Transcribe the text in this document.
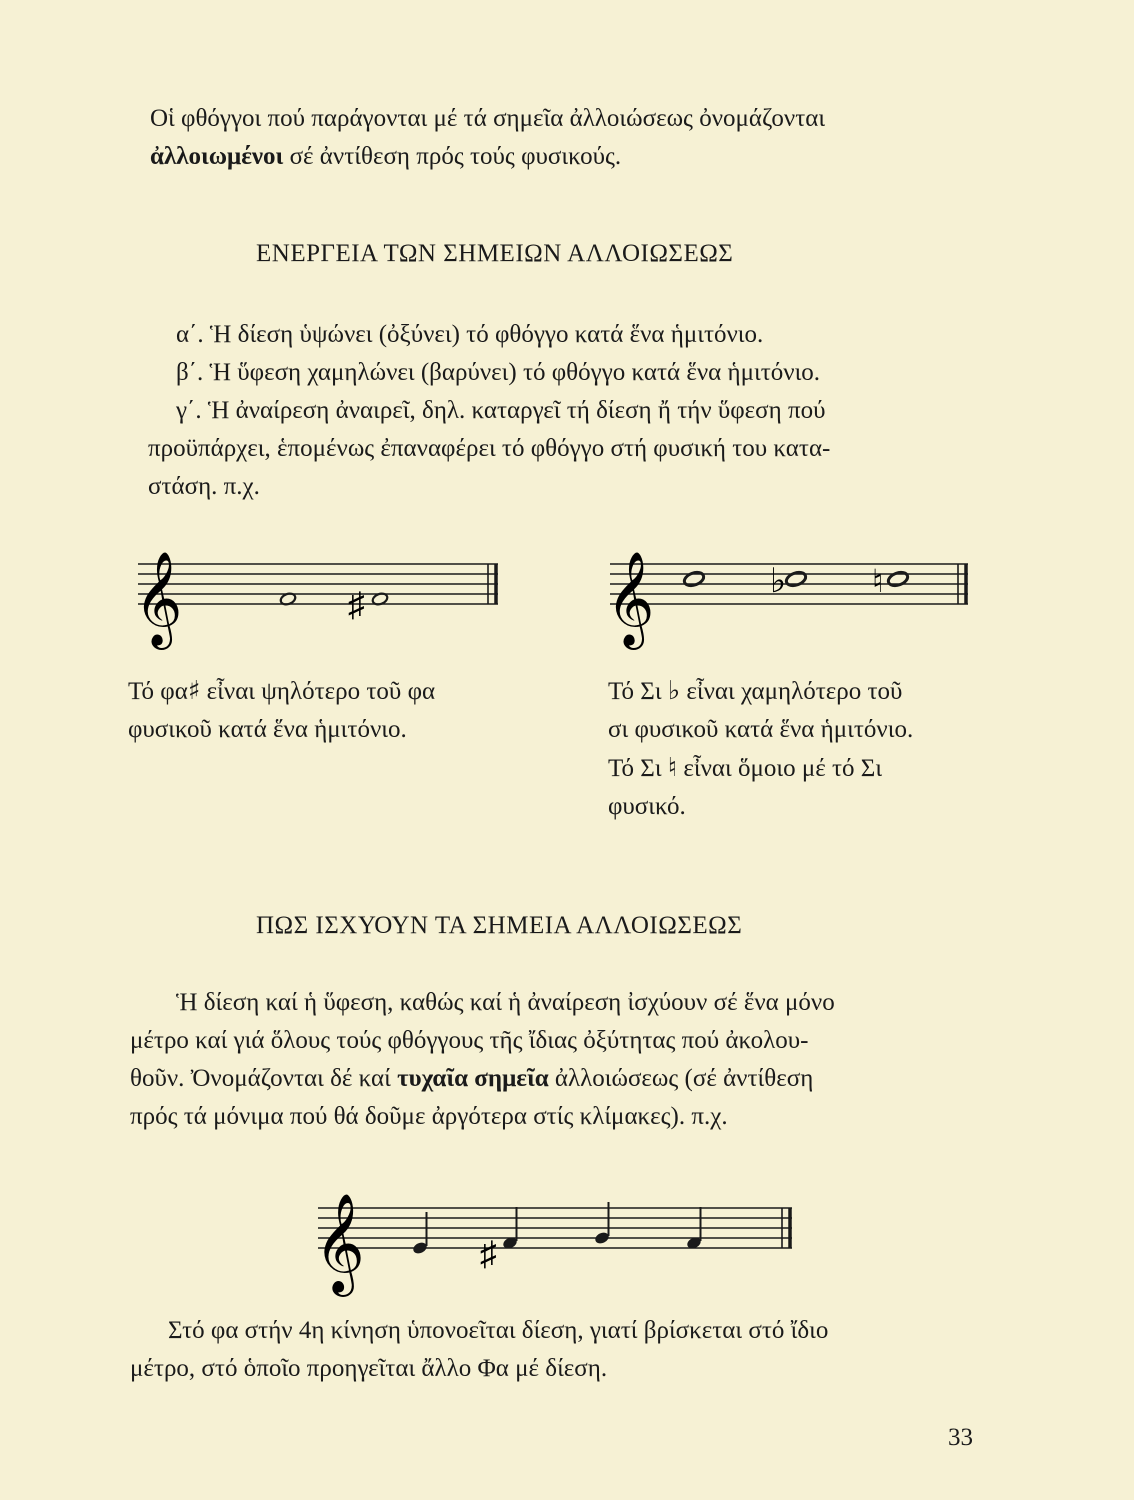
Οἱ φθόγγοι πού παράγονται μέ τά σημεῖα ἀλλοιώσεως ὀνομάζονται
ἀλλοιωμένοι σέ ἀντίθεση πρός τούς φυσικούς.

ΕΝΕΡΓΕΙΑ ΤΩΝ ΣΗΜΕΙΩΝ ΑΛΛΟΙΩΣΕΩΣ

α΄. Ἡ δίεση ὑψώνει (ὀξύνει) τό φθόγγο κατά ἕνα ἡμιτόνιο.
β΄. Ἡ ὕφεση χαμηλώνει (βαρύνει) τό φθόγγο κατά ἕνα ἡμιτόνιο.
γ΄. Ἡ ἀναίρεση ἀναιρεῖ, δηλ. καταργεῖ τή δίεση ἤ τήν ὕφεση πού
προϋπάρχει, ἑπομένως ἐπαναφέρει τό φθόγγο στή φυσική του κατα-
στάση. π.χ.

𝄞	♯	𝄞	♭	♮

Τό φα♯ εἶναι ψηλότερο τοῦ φα
φυσικοῦ κατά ἕνα ἡμιτόνιο.

Τό Σι ♭ εἶναι χαμηλότερο τοῦ
σι φυσικοῦ κατά ἕνα ἡμιτόνιο.
Τό Σι ♮ εἶναι ὅμοιο μέ τό Σι
φυσικό.

ΠΩΣ ΙΣΧΥΟΥΝ ΤΑ ΣΗΜΕΙΑ ΑΛΛΟΙΩΣΕΩΣ

Ἡ δίεση καί ἡ ὕφεση, καθώς καί ἡ ἀναίρεση ἰσχύουν σέ ἕνα μόνο
μέτρο καί γιά ὅλους τούς φθόγγους τῆς ἴδιας ὀξύτητας πού ἀκολου-
θοῦν. Ὀνομάζονται δέ καί τυχαῖα σημεῖα ἀλλοιώσεως (σέ ἀντίθεση
πρός τά μόνιμα πού θά δοῦμε ἀργότερα στίς κλίμακες). π.χ.

𝄞	♯

Στό φα στήν 4η κίνηση ὑπονοεῖται δίεση, γιατί βρίσκεται στό ἴδιο
μέτρο, στό ὁποῖο προηγεῖται ἄλλο Φα μέ δίεση.

33
